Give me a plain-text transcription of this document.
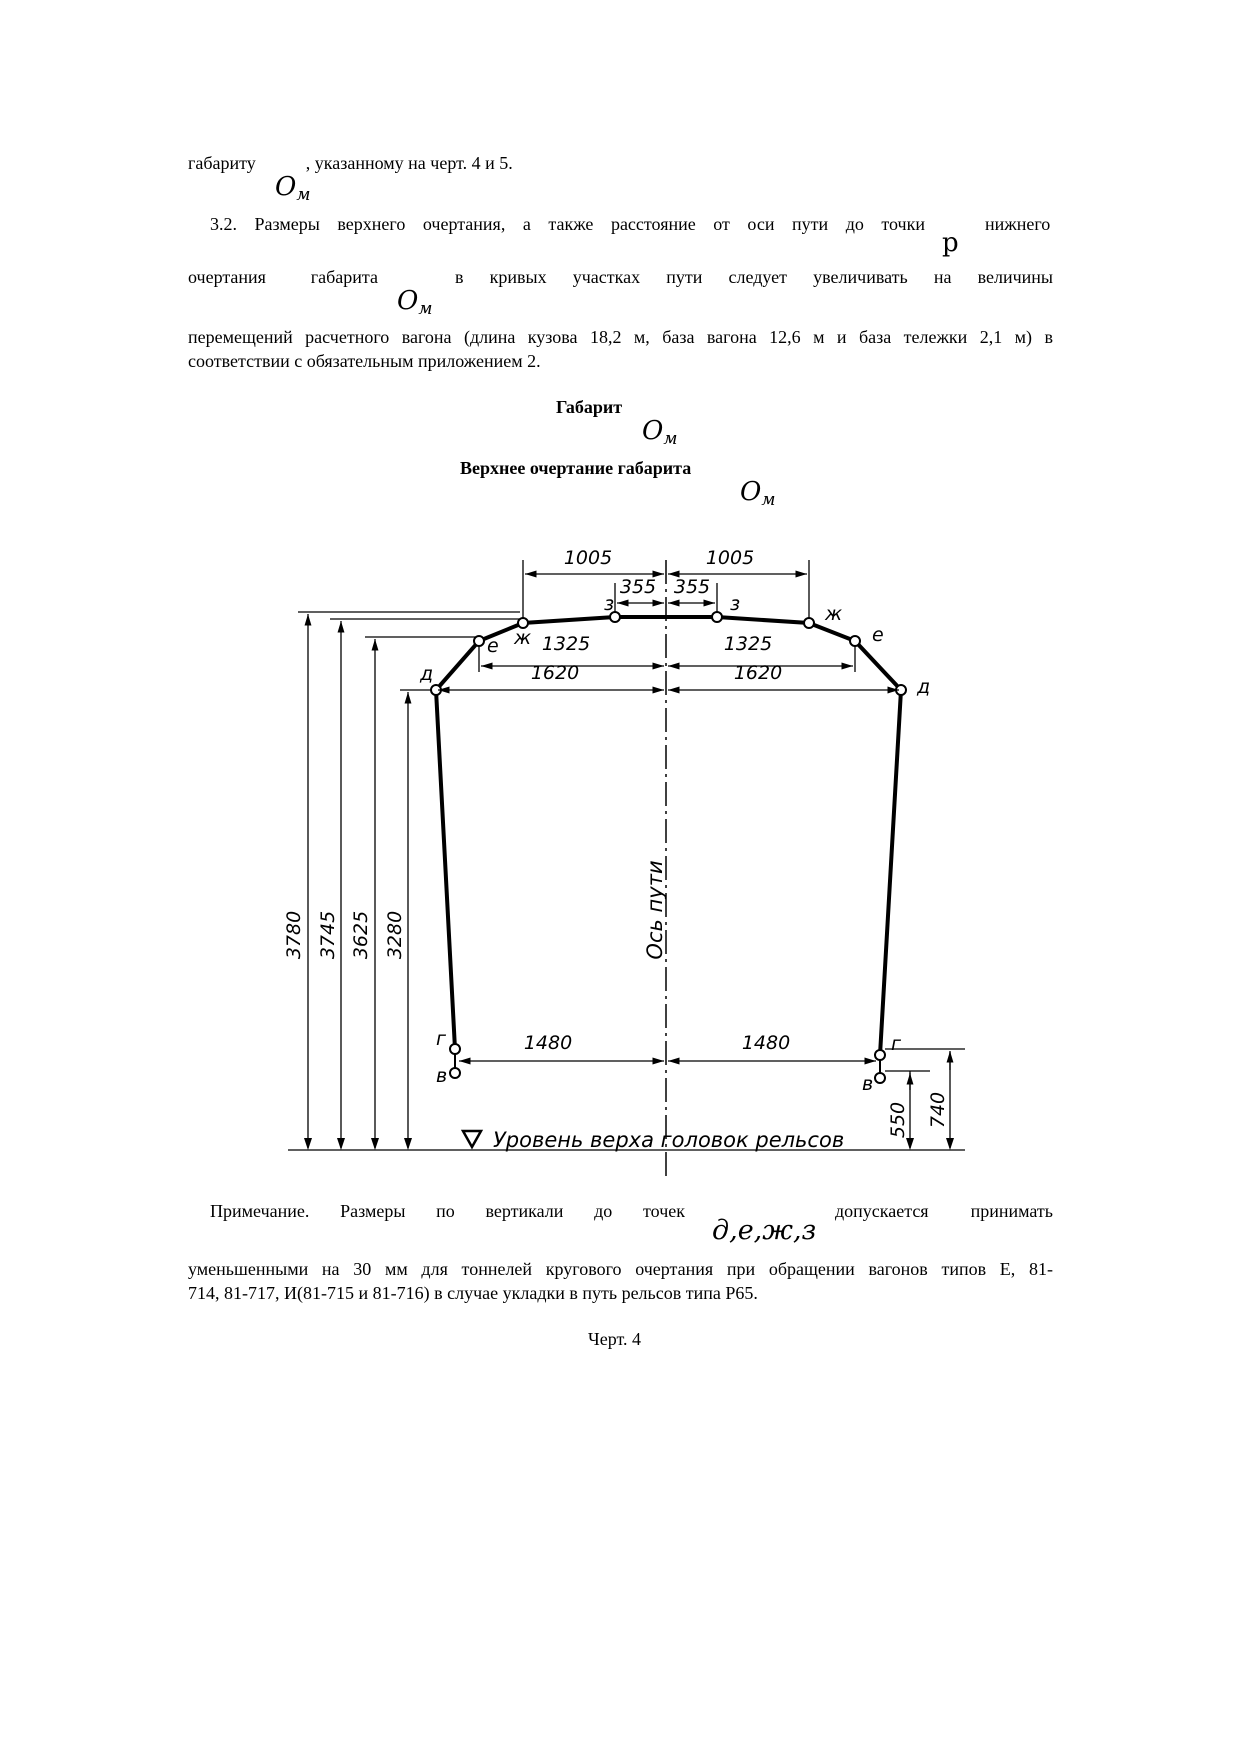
габариту	, указанному на черт. 4 и 5.
Ом
3.2. Размеры верхнего очертания, а также расстояние от оси пути до точки	нижнего
р
очертания габарита	в кривых участках пути следует увеличивать на величины
Ом
перемещений расчетного вагона (длина кузова 18,2 м, база вагона 12,6 м и база тележки 2,1 м) в
соответствии с обязательным приложением 2.
Габарит
Ом
Верхнее очертание габарита
Ом
1005	1005
355 355
1325	1325
1620	1620
1480	1480
3780 3745 3625 3280
550 740
з	з
ж
ж
е	е
д
д
г	г
в	в
Ось пути
Уровень верха головок рельсов
Примечание. Размеры по вертикали до точек	допускается принимать
д,е,ж,з
уменьшенными на 30 мм для тоннелей кругового очертания при обращении вагонов типов Е, 81-
714, 81-717, И(81-715 и 81-716) в случае укладки в путь рельсов типа Р65.
Черт. 4
